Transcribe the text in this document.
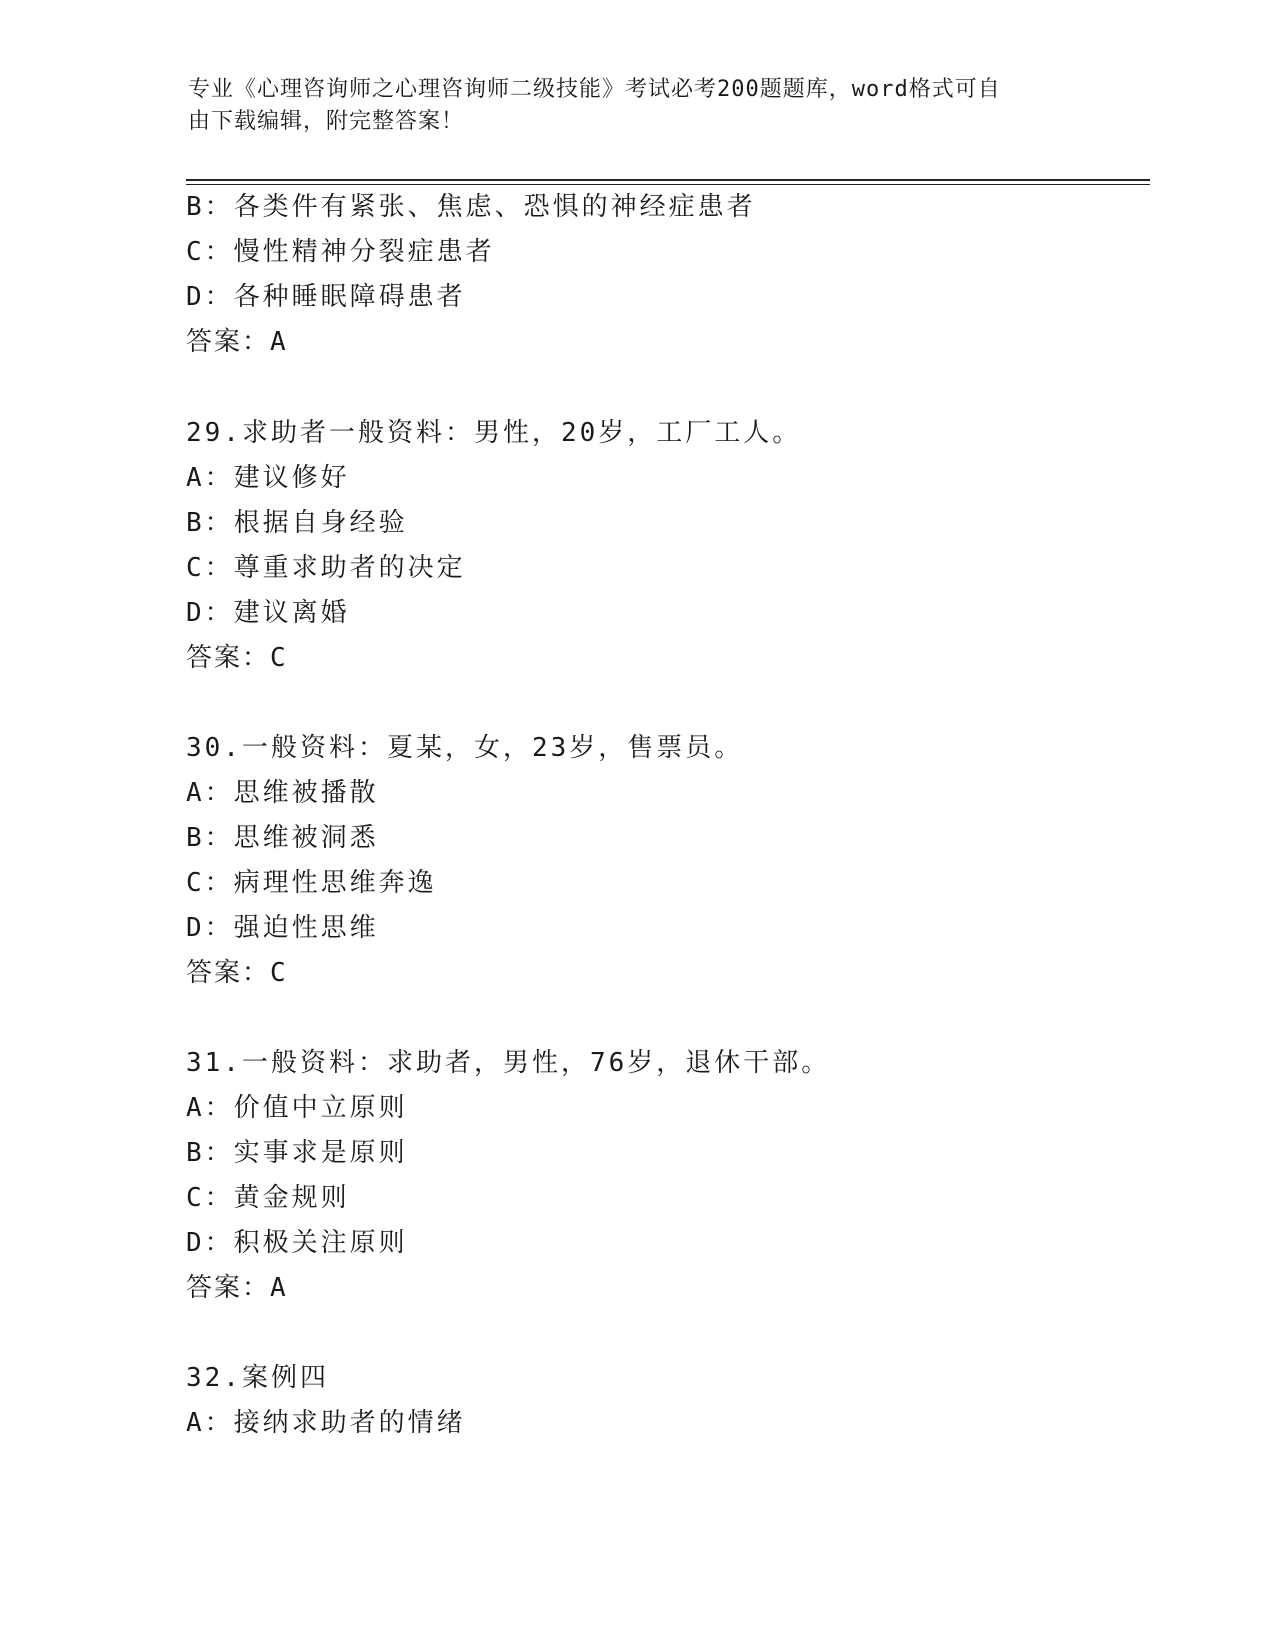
专业《心理咨询师之心理咨询师二级技能》考试必考200题题库，word格式可自
由下载编辑，附完整答案！
B：各类件有紧张、焦虑、恐惧的神经症患者
C：慢性精神分裂症患者
D：各种睡眠障碍患者
答案：A
29.求助者一般资料：男性，20岁，工厂工人。
A：建议修好
B：根据自身经验
C：尊重求助者的决定
D：建议离婚
答案：C
30.一般资料：夏某，女，23岁，售票员。
A：思维被播散
B：思维被洞悉
C：病理性思维奔逸
D：强迫性思维
答案：C
31.一般资料：求助者，男性，76岁，退休干部。
A：价值中立原则
B：实事求是原则
C：黄金规则
D：积极关注原则
答案：A
32.案例四
A：接纳求助者的情绪
